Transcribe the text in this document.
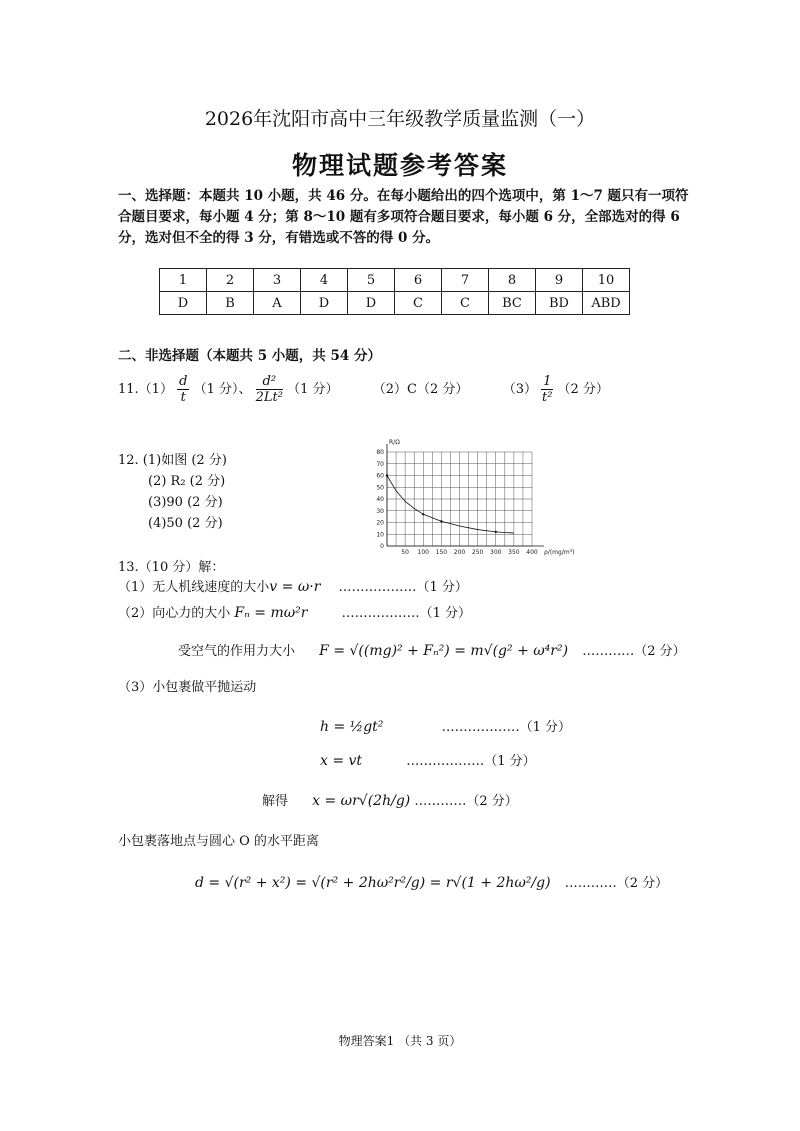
2026年沈阳市高中三年级教学质量监测（一）
物理试题参考答案
一、选择题：本题共 10 小题，共 46 分。在每小题给出的四个选项中，第 1～7 题只有一项符合题目要求，每小题 4 分；第 8～10 题有多项符合题目要求，每小题 6 分，全部选对的得 6 分，选对但不全的得 3 分，有错选或不答的得 0 分。
1	2	3	4	5	6	7	8	9	10
D	B	A	D	D	C	C	BC	BD	ABD
二、非选择题（本题共 5 小题，共 54 分）
$11.(1) \frac{d}{t} (1$ 分）、 $\frac{\text{d²}}{\text{2Lt²}} (1$ 分）	（2）C（2 分）	$(3) \frac{1}{\text{t²}} (2$ 分）
12. (1)如图 (2 分)
(2) R₂ (2 分)
(3)90 (2 分)
(4)50 (2 分)
50 100 150 200 250 300 350 400
0
10
20
30
40
50
60
70
80
R/Ω
ρ/(mg/m³)
13.（10 分）解：
（1）无人机线速度的大小v = ω·r ………………（1 分）
（2）向心力的大小 Fₙ = mω²r	………………（1 分）
受空气的作用力大小 F = √((mg)² + Fₙ²) = m√(g² + ω⁴r²) …………（2 分）
（3）小包裹做平抛运动
h = ½gt²	………………（1 分）
x = vt	………………（1 分）
解得 x = ωr√(2h/g) …………（2 分）
小包裹落地点与圆心 O 的水平距离
d = √(r² + x²) = √(r² + 2hω²r²/g) = r√(1 + 2hω²/g) …………（2 分）
物理答案1 （共 3 页）
